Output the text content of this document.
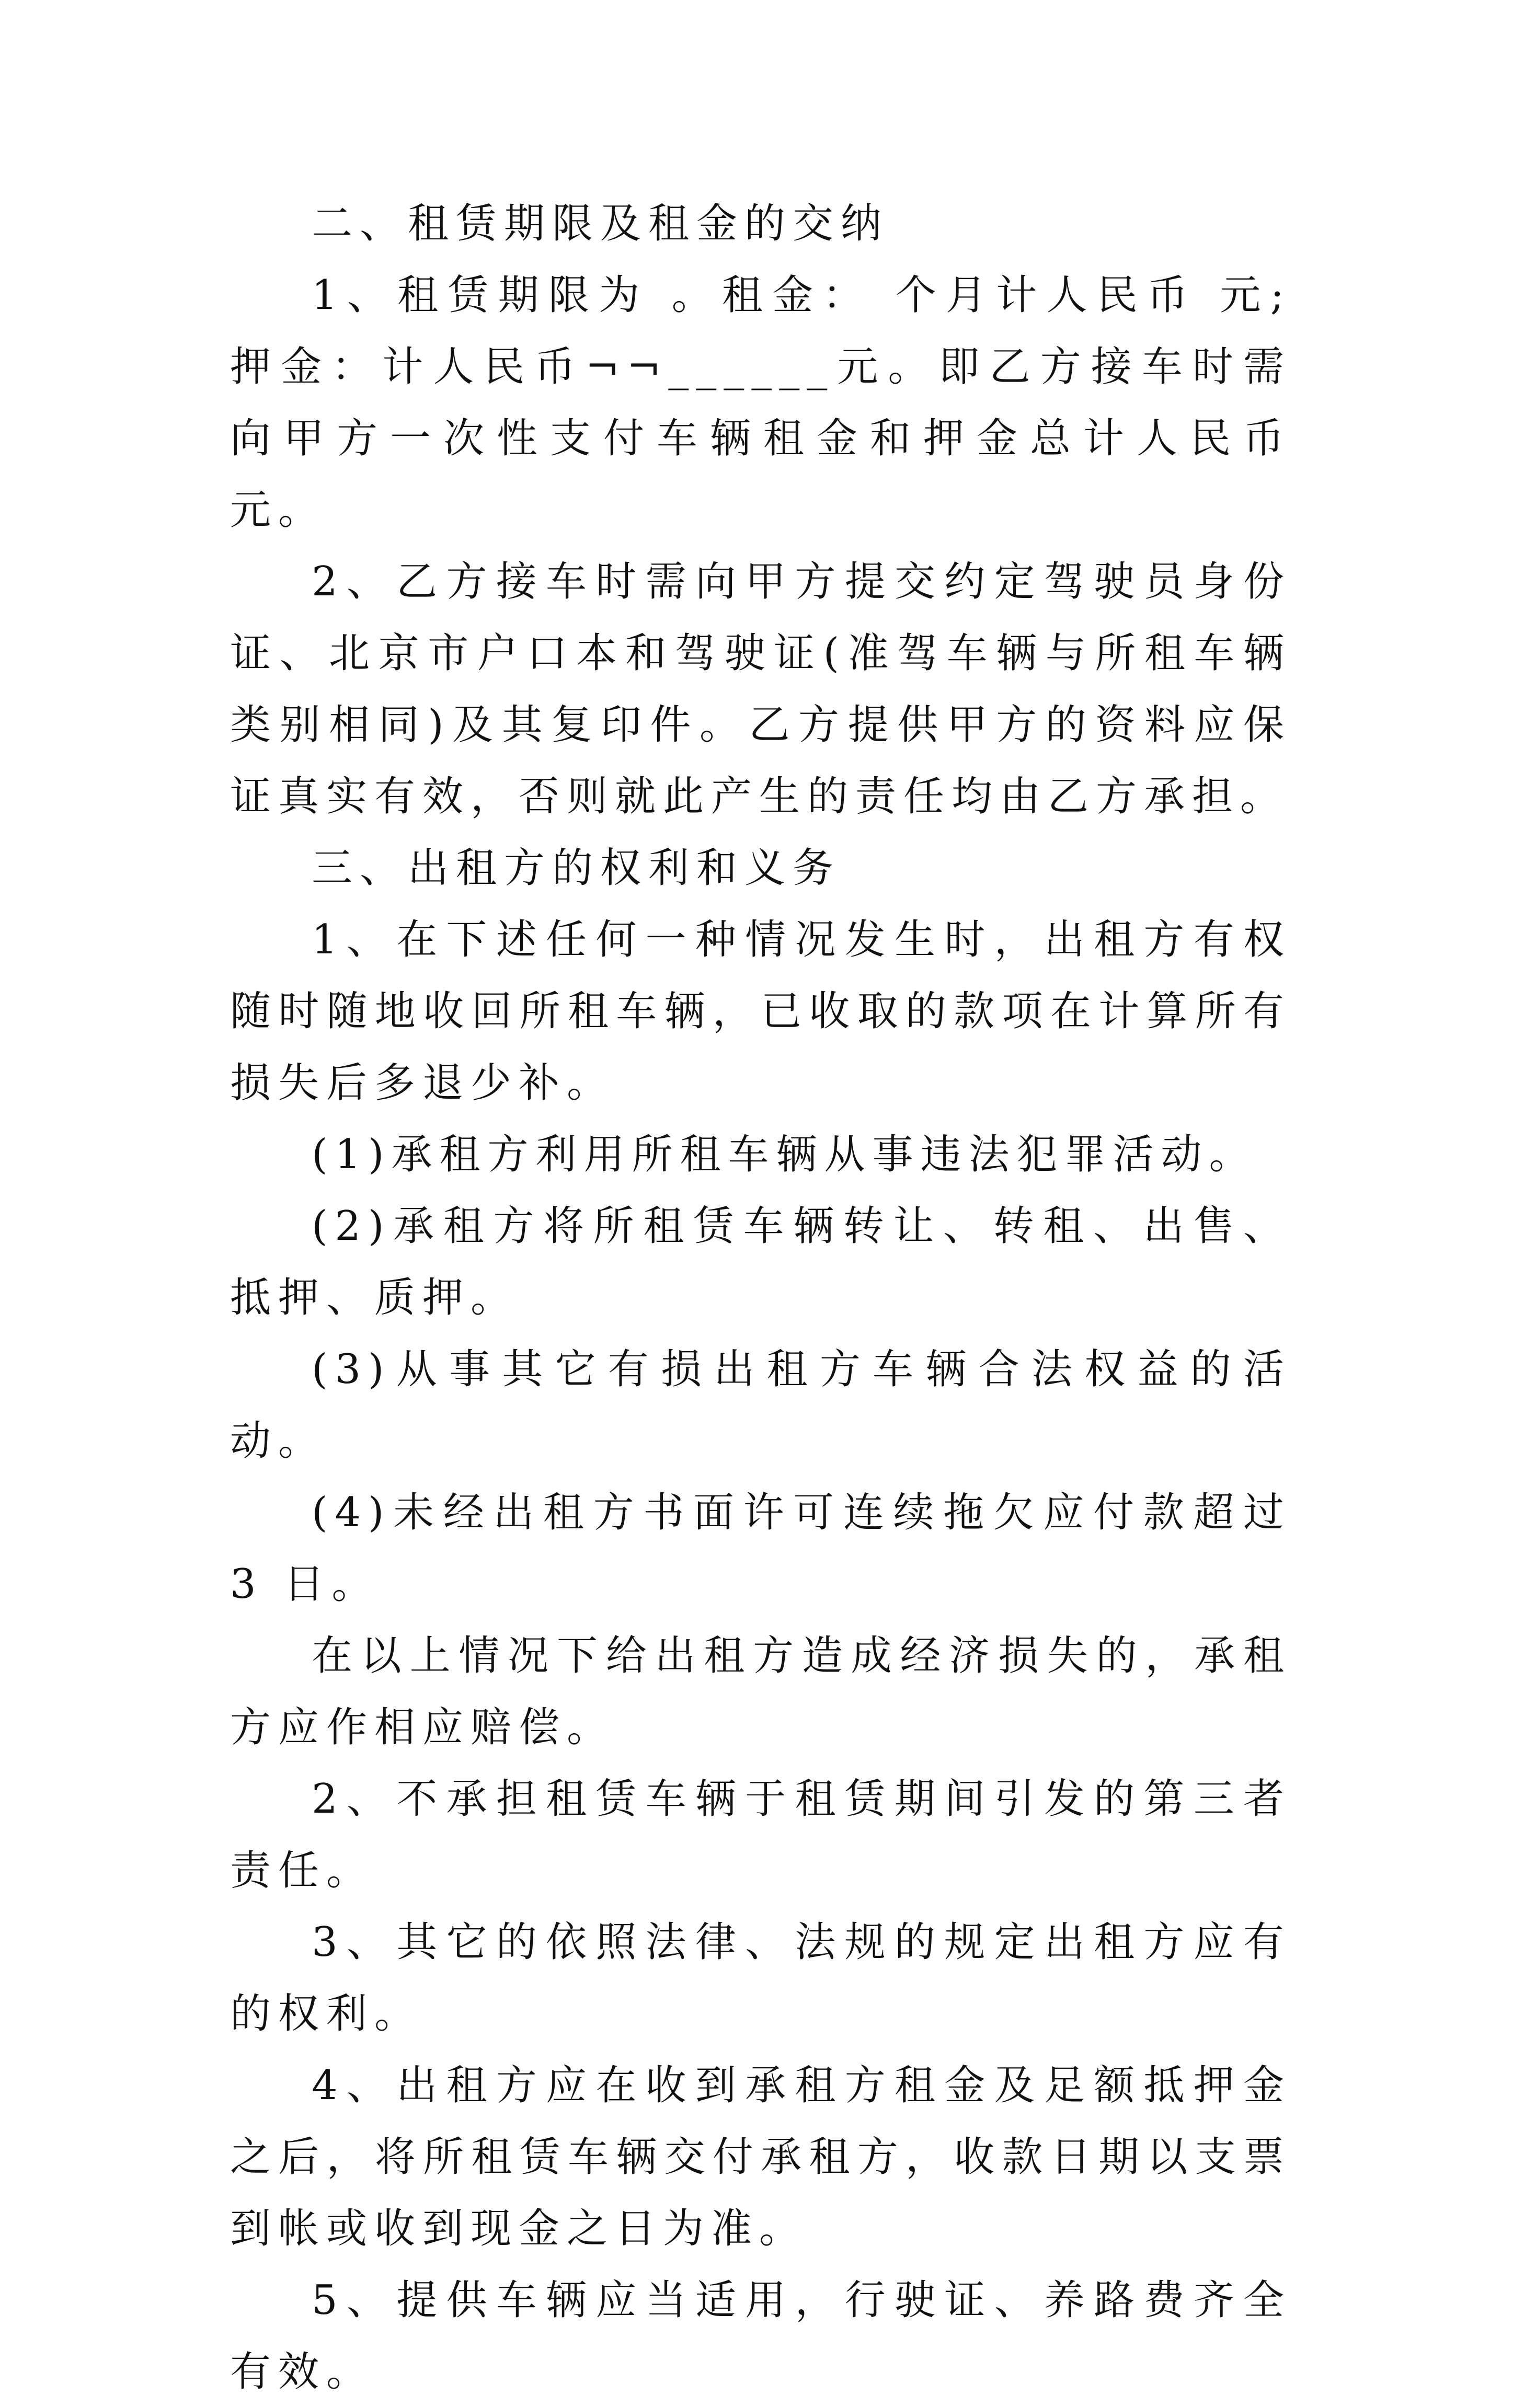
二、租赁期限及租金的交纳

1、租赁期限为 。租金： 个月计人民币 元;押金：计人民币¬¬______元。即乙方接车时需向甲方一次性支付车辆租金和押金总计人民币 元。

2、乙方接车时需向甲方提交约定驾驶员身份证、北京市户口本和驾驶证(准驾车辆与所租车辆类别相同)及其复印件。乙方提供甲方的资料应保证真实有效，否则就此产生的责任均由乙方承担。

三、出租方的权利和义务

1、在下述任何一种情况发生时，出租方有权随时随地收回所租车辆，已收取的款项在计算所有损失后多退少补。

(1)承租方利用所租车辆从事违法犯罪活动。

(2)承租方将所租赁车辆转让、转租、出售、抵押、质押。

(3)从事其它有损出租方车辆合法权益的活动。

(4)未经出租方书面许可连续拖欠应付款超过 3 日。

在以上情况下给出租方造成经济损失的，承租方应作相应赔偿。

2、不承担租赁车辆于租赁期间引发的第三者责任。

3、其它的依照法律、法规的规定出租方应有的权利。

4、出租方应在收到承租方租金及足额抵押金之后，将所租赁车辆交付承租方，收款日期以支票到帐或收到现金之日为准。

5、提供车辆应当适用，行驶证、养路费齐全有效。
